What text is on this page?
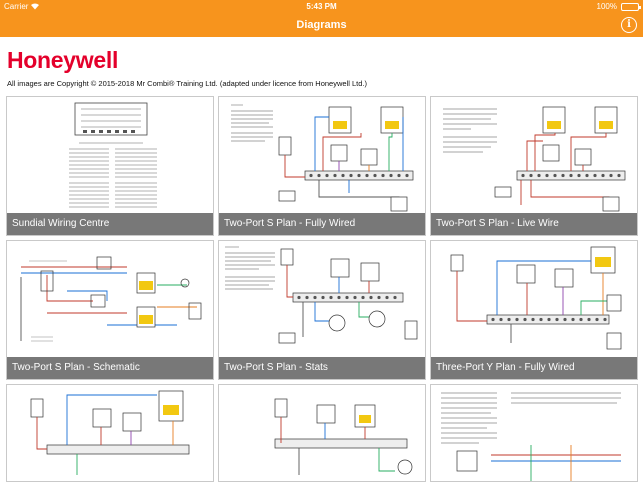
Carrier	5:43 PM	100%
Diagrams	i
Honeywell
All images are Copyright © 2015-2018 Mr Combi® Training Ltd. (adapted under licence from Honeywell Ltd.)
Sundial Wiring Centre	Two-Port S Plan - Fully Wired	Two-Port S Plan - Live Wire
Two-Port S Plan - Schematic	Two-Port S Plan - Stats	Three-Port Y Plan - Fully Wired
